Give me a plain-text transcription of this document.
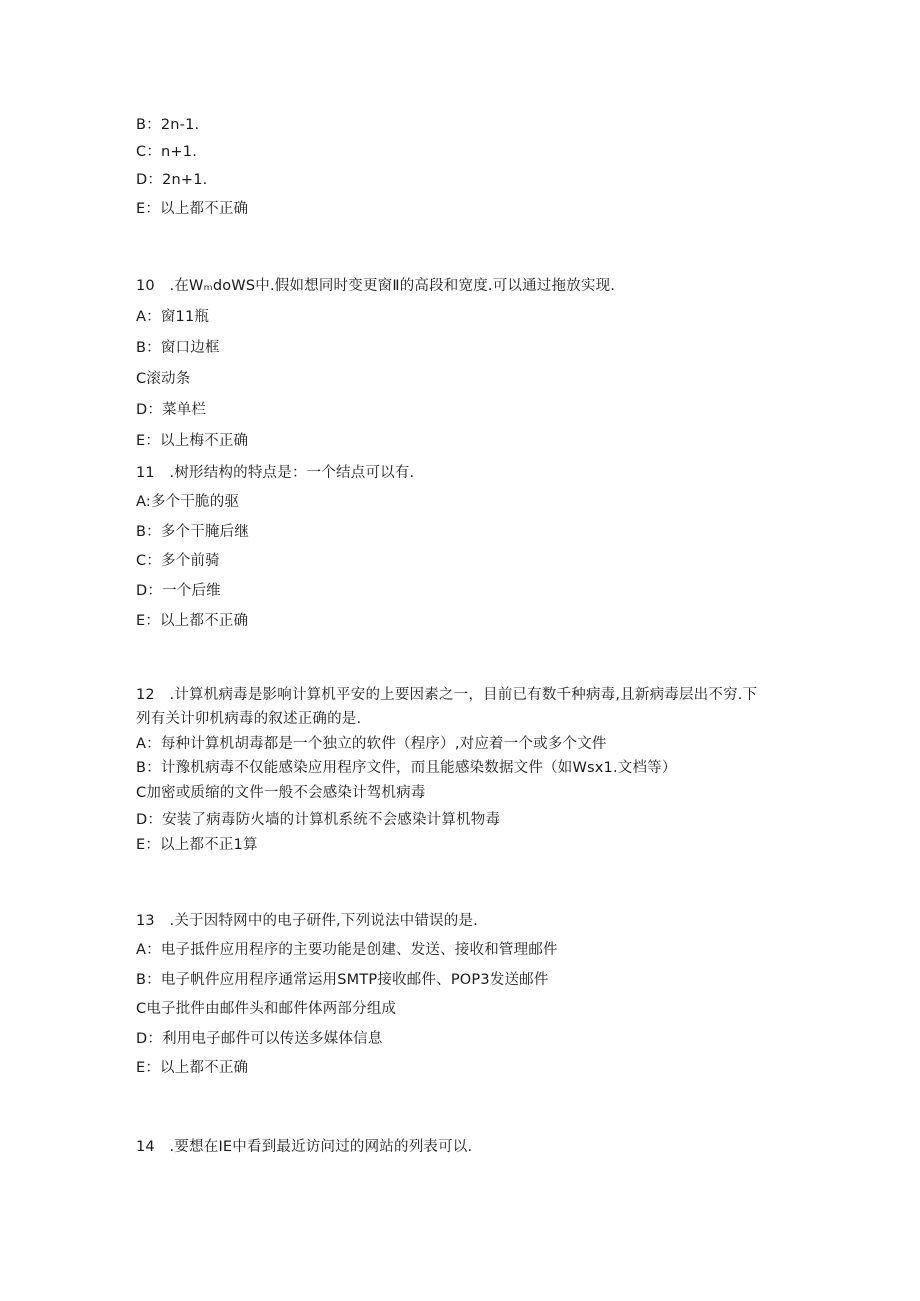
B：2n-1.
C：n+1.
D：2n+1.
E：以上都不正确
10　.在WₘdoWS中.假如想同时变更窗Ⅱ的高段和宽度.可以通过拖放实现.
A：窗11瓶
B：窗口边框
C滚动条
D：菜单栏
E：以上梅不正确
11　.树形结构的特点是：一个结点可以有.
A:多个干脆的驱
B：多个干腌后继
C：多个前骑
D：一个后维
E：以上都不正确
12　.计算机病毒是影响计算机平安的上要因素之一，目前已有数千种病毒,且新病毒层出不穷.下
列有关计卯机病毒的叙述正确的是.
A：每种计算机胡毒都是一个独立的软件（程序）,对应着一个或多个文件
B：计豫机病毒不仅能感染应用程序文件，而且能感染数据文件（如Wsx1.文档等）
C加密或质缩的文件一般不会感染计驾机病毒
D：安装了病毒防火墙的计算机系统不会感染计算机物毒
E：以上都不正1算
13　.关于因特网中的电子研件,下列说法中错误的是.
A：电子抵件应用程序的主要功能是创建、发送、接收和管理邮件
B：电子帆件应用程序通常运用SMTP接收邮件、POP3发送邮件
C电子批件由邮件头和邮件体两部分组成
D：利用电子邮件可以传送多媒体信息
E：以上都不正确
14　.要想在IE中看到最近访问过的网站的列表可以.
